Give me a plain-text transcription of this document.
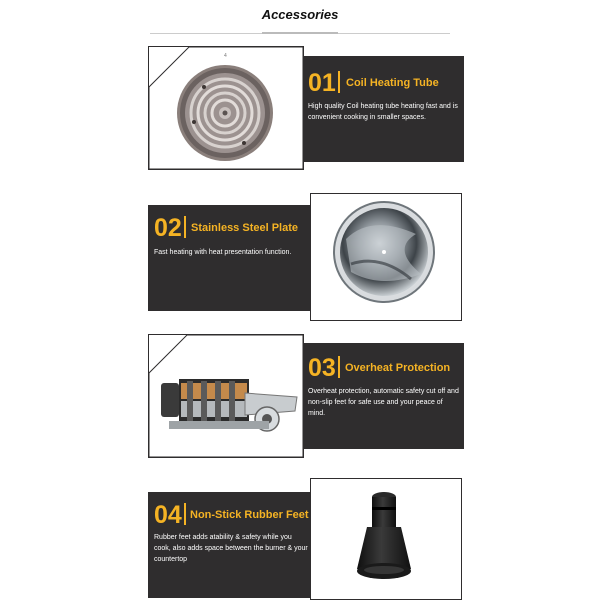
Accessories
4
01 Coil Heating Tube
High quality Coil heating tube heating fast and is convenient cooking in smaller spaces.
02 Stainless Steel Plate
Fast heating with heat presentation function.
03 Overheat Protection
Overheat protection, automatic safety cut off and non-slip feet for safe use and your peace of mind.
04 Non-Stick Rubber Feet
Rubber feet adds atability & safety while you cook, also adds space between the burner & your countertop
